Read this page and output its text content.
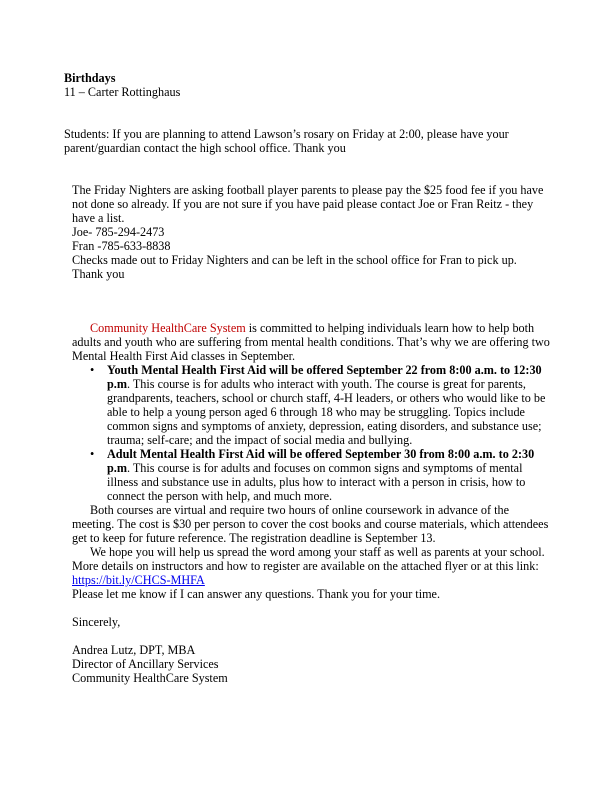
Birthdays

11 – Carter Rottinghaus

Students: If you are planning to attend Lawson’s rosary on Friday at 2:00, please have your parent/guardian contact the high school office. Thank you

The Friday Nighters are asking football player parents to please pay the $25 food fee if you have not done so already. If you are not sure if you have paid please contact Joe or Fran Reitz - they have a list.

Joe- 785-294-2473

Fran -785-633-8838

Checks made out to Friday Nighters and can be left in the school office for Fran to pick up.

Thank you

Community HealthCare System is committed to helping individuals learn how to help both adults and youth who are suffering from mental health conditions. That’s why we are offering two Mental Health First Aid classes in September.

• Youth Mental Health First Aid will be offered September 22 from 8:00 a.m. to 12:30 p.m. This course is for adults who interact with youth. The course is great for parents, grandparents, teachers, school or church staff, 4-H leaders, or others who would like to be able to help a young person aged 6 through 18 who may be struggling. Topics include common signs and symptoms of anxiety, depression, eating disorders, and substance use; trauma; self-care; and the impact of social media and bullying.
• Adult Mental Health First Aid will be offered September 30 from 8:00 a.m. to 2:30 p.m. This course is for adults and focuses on common signs and symptoms of mental illness and substance use in adults, plus how to interact with a person in crisis, how to connect the person with help, and much more.

Both courses are virtual and require two hours of online coursework in advance of the meeting. The cost is $30 per person to cover the cost books and course materials, which attendees get to keep for future reference. The registration deadline is September 13.

We hope you will help us spread the word among your staff as well as parents at your school. More details on instructors and how to register are available on the attached flyer or at this link: https://bit.ly/CHCS-MHFA

Please let me know if I can answer any questions. Thank you for your time.

Sincerely,

Andrea Lutz, DPT, MBA

Director of Ancillary Services

Community HealthCare System
